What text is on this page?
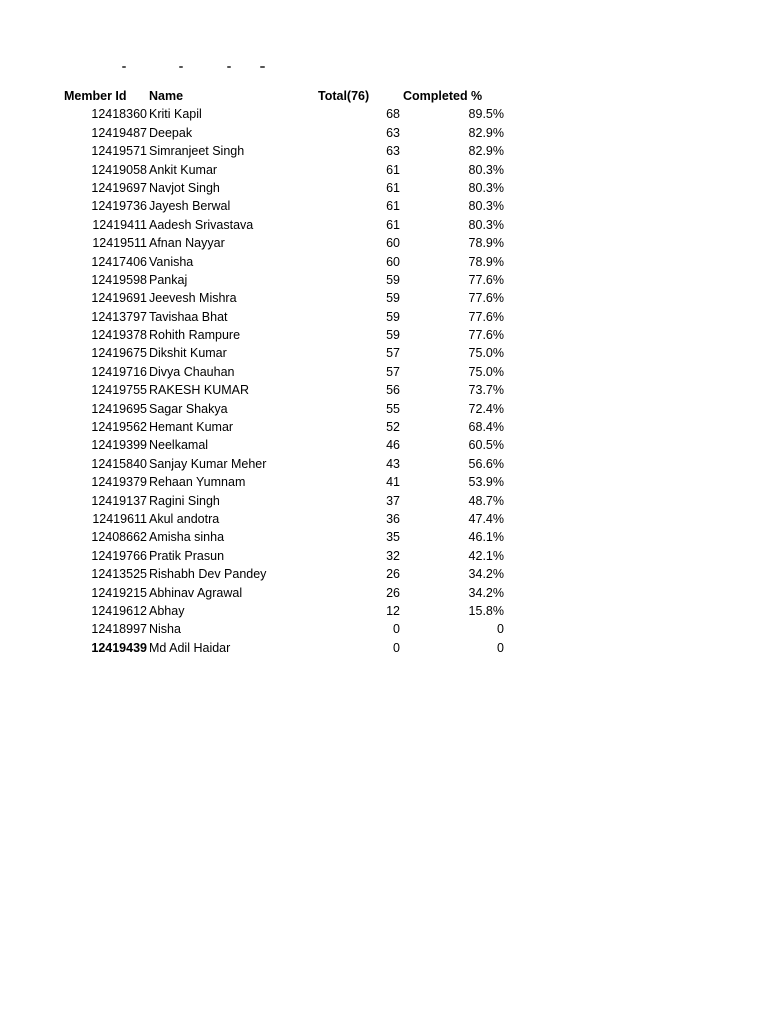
Member Id Name	Total(76)	Completed %
12418360 Kriti Kapil	68	89.5%
12419487 Deepak	63	82.9%
12419571 Simranjeet Singh	63	82.9%
12419058 Ankit Kumar	61	80.3%
12419697 Navjot Singh	61	80.3%
12419736 Jayesh Berwal	61	80.3%
12419411 Aadesh Srivastava	61	80.3%
12419511 Afnan Nayyar	60	78.9%
12417406 Vanisha	60	78.9%
12419598 Pankaj	59	77.6%
12419691 Jeevesh Mishra	59	77.6%
12413797 Tavishaa Bhat	59	77.6%
12419378 Rohith Rampure	59	77.6%
12419675 Dikshit Kumar	57	75.0%
12419716 Divya Chauhan	57	75.0%
12419755 RAKESH KUMAR	56	73.7%
12419695 Sagar Shakya	55	72.4%
12419562 Hemant Kumar	52	68.4%
12419399 Neelkamal	46	60.5%
12415840 Sanjay Kumar Meher	43	56.6%
12419379 Rehaan Yumnam	41	53.9%
12419137 Ragini Singh	37	48.7%
12419611 Akul andotra	36	47.4%
12408662 Amisha sinha	35	46.1%
12419766 Pratik Prasun	32	42.1%
12413525 Rishabh Dev Pandey	26	34.2%
12419215 Abhinav Agrawal	26	34.2%
12419612 Abhay	12	15.8%
12418997 Nisha	0	0
12419439 Md Adil Haidar	0	0
